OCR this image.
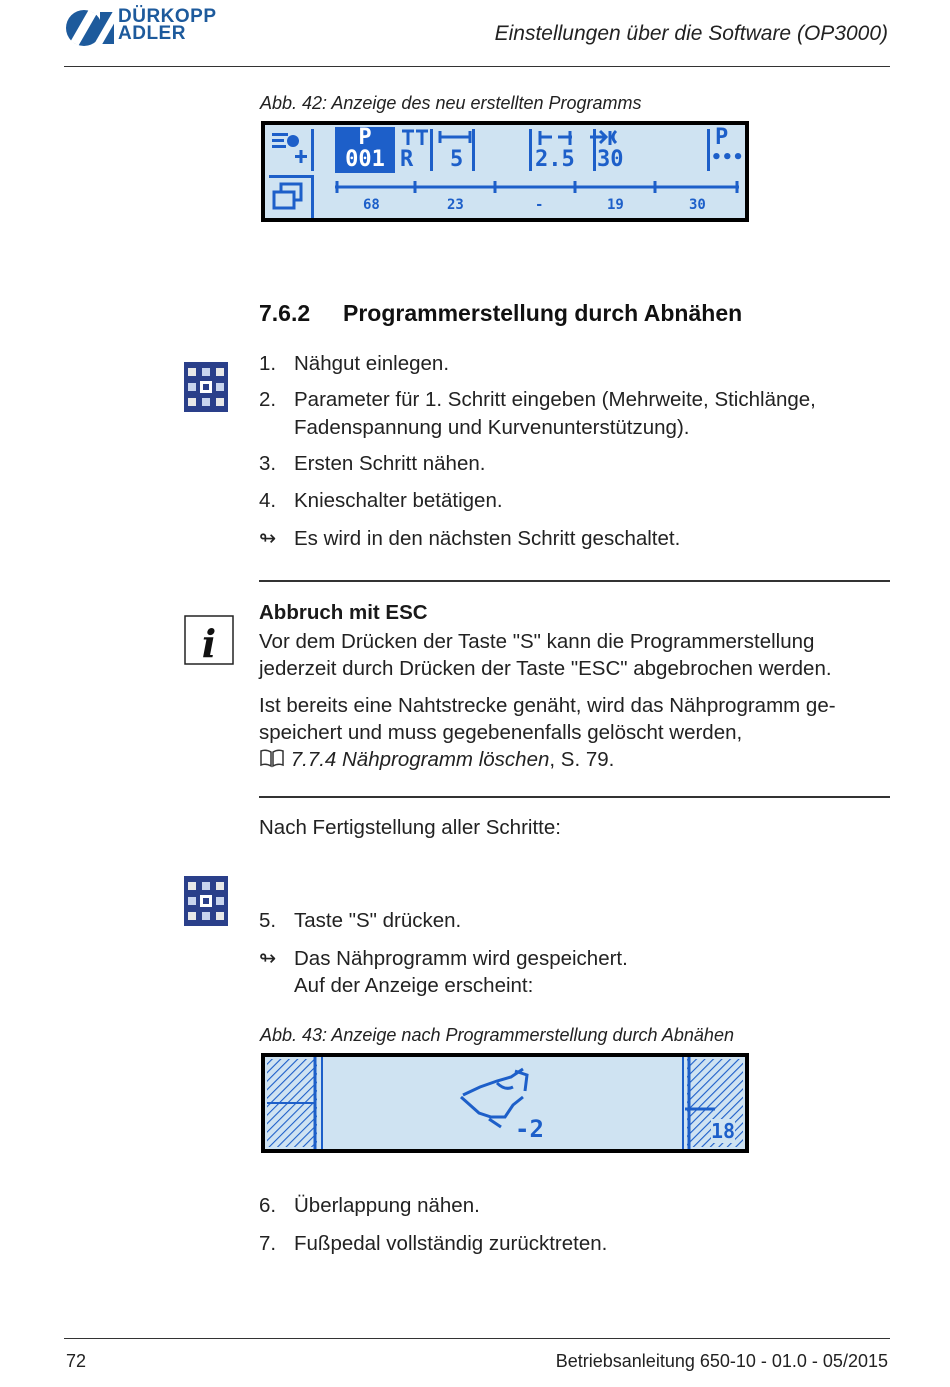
DÜRKOPP
ADLER	Einstellungen über die Software (OP3000)
Abb. 42: Anzeige des neu erstellten Programms
P
001 R 5	2.5 30
P
•••
68	23	-	19	30
7.6.2 Programmerstellung durch Abnähen
1. Nähgut einlegen.
2. Parameter für 1. Schritt eingeben (Mehrweite, Stichlänge,
Fadenspannung und Kurvenunterstützung).
3. Ersten Schritt nähen.
4. Knieschalter betätigen.
↬ Es wird in den nächsten Schritt geschaltet.
i
Abbruch mit ESC
Vor dem Drücken der Taste "S" kann die Programmerstellung
jederzeit durch Drücken der Taste "ESC" abgebrochen werden.
Ist bereits eine Nahtstrecke genäht, wird das Nähprogramm ge-
speichert und muss gegebenenfalls gelöscht werden,
7.7.4 Nähprogramm löschen, S. 79.
Nach Fertigstellung aller Schritte:
5. Taste "S" drücken.
↬ Das Nähprogramm wird gespeichert.
Auf der Anzeige erscheint:
Abb. 43: Anzeige nach Programmerstellung durch Abnähen
-2	18
6. Überlappung nähen.
7. Fußpedal vollständig zurücktreten.
72	Betriebsanleitung 650-10 - 01.0 - 05/2015
